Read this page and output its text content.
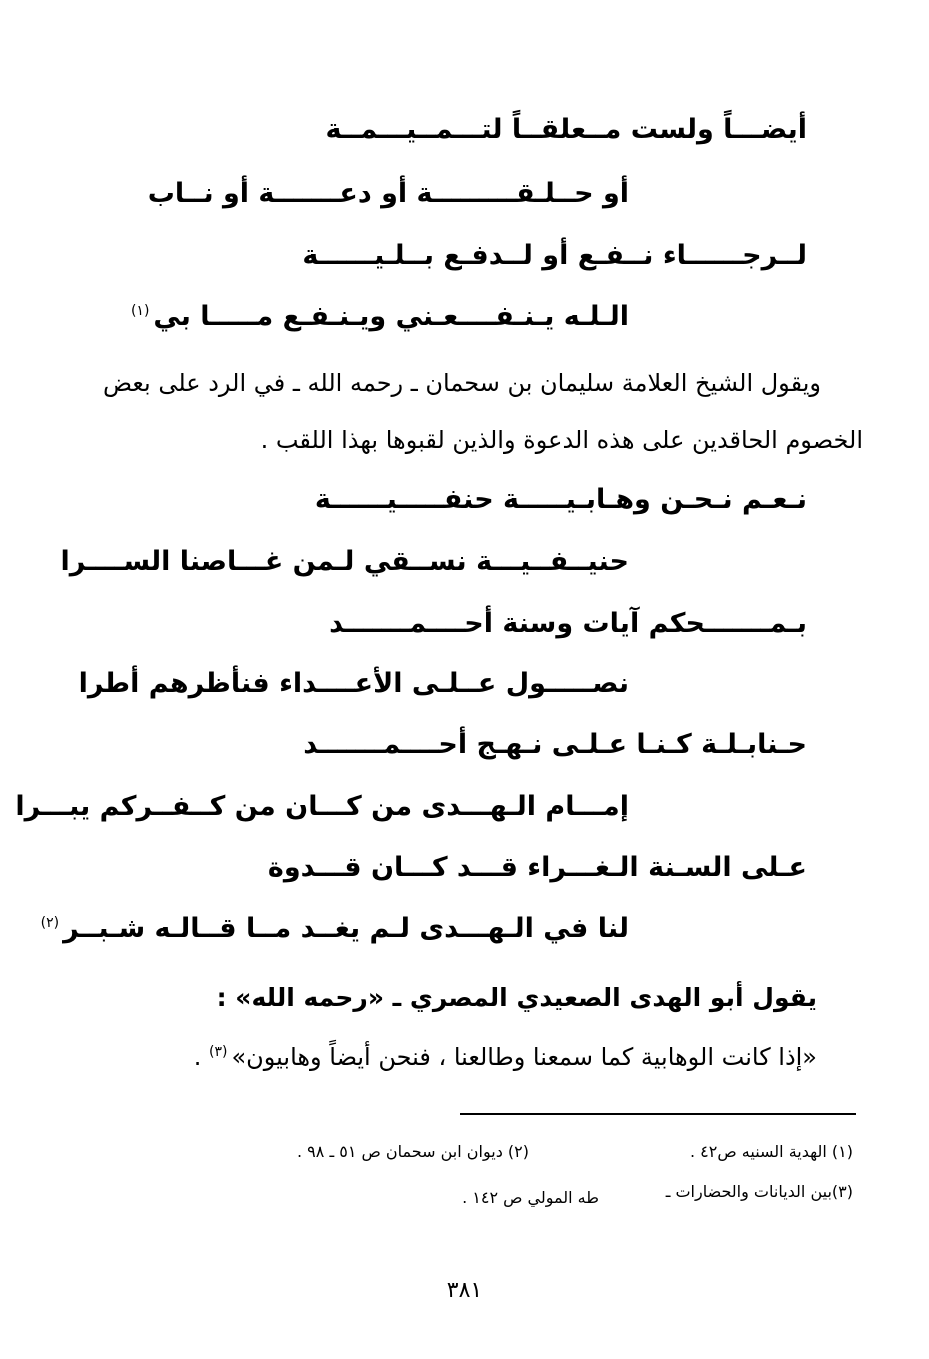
أيضـــاً ولست مــعلقــاً لتـــمــيـــمــة
أو حــلـقـــــــــة أو دعـــــــة أو نــاب
لــرجــــــاء نــفـع أو لــدفـع بــلـيــــــة
الـلـه يـنـفــــعـني ويـنـفـع مـــــا بي$^{(١)}$
ويقول الشيخ العلامة سليمان بن سحمان ـ رحمه الله ـ في الرد على بعض
الخصوم الحاقدين على هذه الدعوة والذين لقبوها بهذا اللقب .
نـعـم نـحـن وهـابـيـــــة حنفـــــيــــــة
حنيــفــيـــة نســقي لـمن غـــاصنا الســــرا
بـمـــــــحكم آيات وسنة أحــــمـــــــد
نصـــــول عــلـى الأعــــداء فنأظرهم أطرا
حـنابـلـة كـنـا عـلـى نـهـج أحــــمـــــــد
إمـــام الـهـــدى من كـــان من كــفــركم يبـــرا
عـلى السـنة الـغـــراء قـــد كـــان قـــدوة
لنا في الـهـــدى لـم يغــد مــا قــالـه شـبــر$^{(٢)}$
يقول أبو الهدى الصعيدي المصري ـ «رحمه الله» :
«إذا كانت الوهابية كما سمعنا وطالعنا ، فنحن أيضاً وهابيون»$^{(٣)}$ .
(١) الهدية السنيه ص٤٢ .
(٢) ديوان ابن سحمان ص ٥١ ـ ٩٨ .
(٣)بين الديانات والحضارات ـ
طه المولي ص ١٤٢ .
٣٨١
